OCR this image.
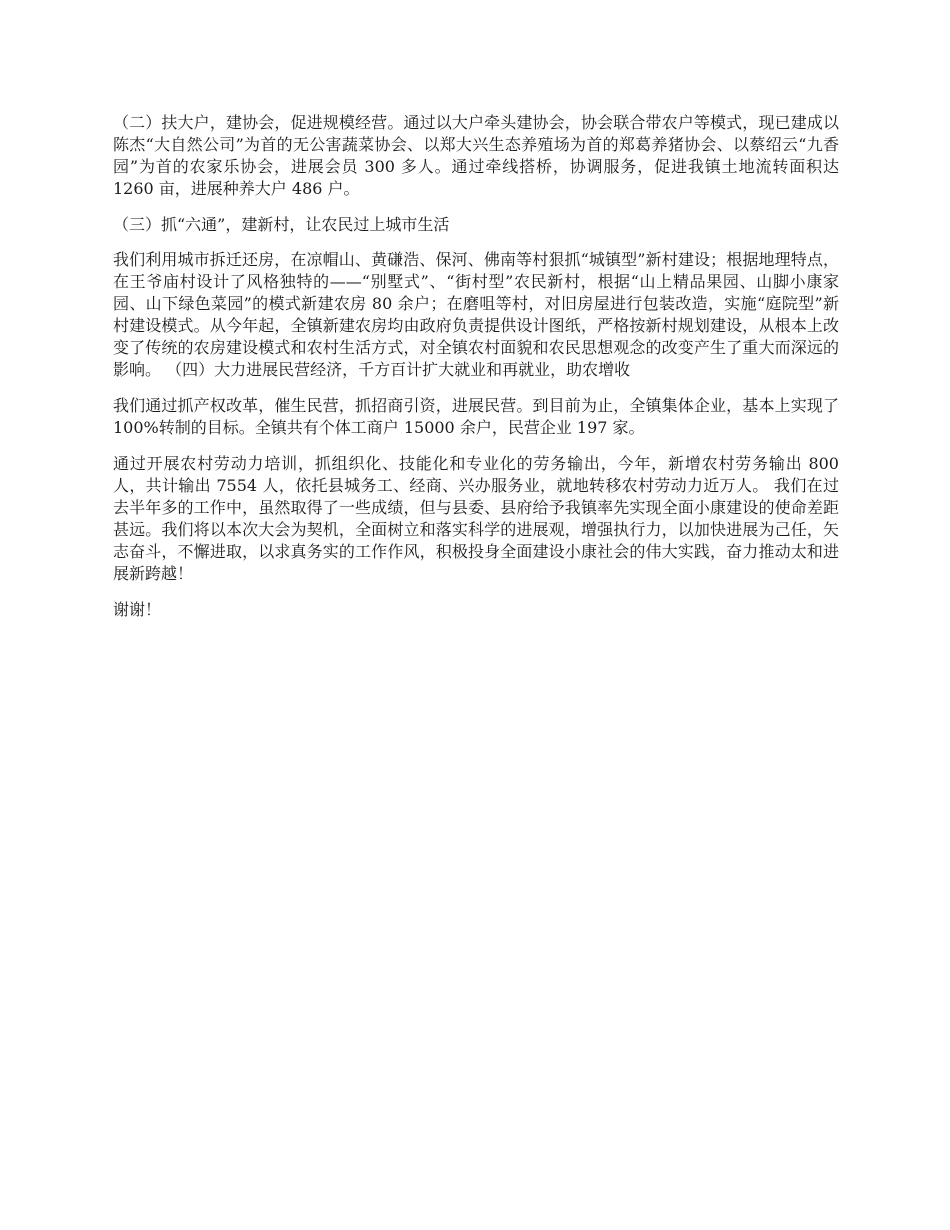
（二）扶大户，建协会，促进规模经营。通过以大户牵头建协会，协会联合带农户等模式，现已建成以陈杰“大自然公司”为首的无公害蔬菜协会、以郑大兴生态养殖场为首的郑葛养猪协会、以蔡绍云“九香园”为首的农家乐协会，进展会员 300 多人。通过牵线搭桥，协调服务，促进我镇土地流转面积达 1260 亩，进展种养大户 486 户。

（三）抓“六通”，建新村，让农民过上城市生活

我们利用城市拆迁还房，在凉帽山、黄磏浩、保河、佛南等村狠抓“城镇型”新村建设；根据地理特点，在王爷庙村设计了风格独特的——“别墅式”、“街村型”农民新村，根据“山上精品果园、山脚小康家园、山下绿色菜园”的模式新建农房 80 余户；在磨咀等村，对旧房屋进行包装改造，实施“庭院型”新村建设模式。从今年起，全镇新建农房均由政府负责提供设计图纸，严格按新村规划建设，从根本上改变了传统的农房建设模式和农村生活方式，对全镇农村面貌和农民思想观念的改变产生了重大而深远的影响。 （四）大力进展民营经济，千方百计扩大就业和再就业，助农增收

我们通过抓产权改革，催生民营，抓招商引资，进展民营。到目前为止，全镇集体企业，基本上实现了 100%转制的目标。全镇共有个体工商户 15000 余户，民营企业 197 家。

通过开展农村劳动力培训，抓组织化、技能化和专业化的劳务输出，今年，新增农村劳务输出 800 人，共计输出 7554 人，依托县城务工、经商、兴办服务业，就地转移农村劳动力近万人。 我们在过去半年多的工作中，虽然取得了一些成绩，但与县委、县府给予我镇率先实现全面小康建设的使命差距甚远。我们将以本次大会为契机，全面树立和落实科学的进展观，增强执行力，以加快进展为己任，矢志奋斗，不懈进取，以求真务实的工作作风，积极投身全面建设小康社会的伟大实践，奋力推动太和进展新跨越！

谢谢！
